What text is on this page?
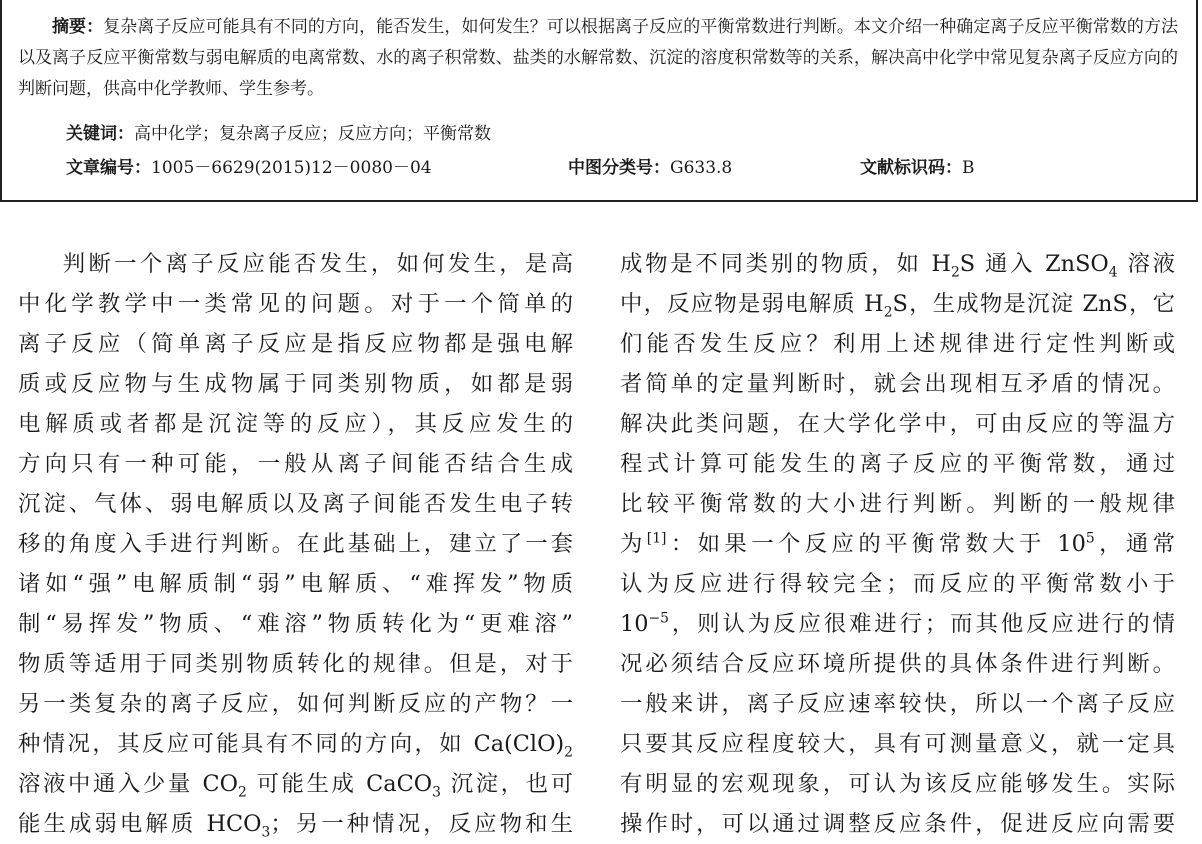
摘要：复杂离子反应可能具有不同的方向，能否发生，如何发生？可以根据离子反应的平衡常数进行判断。本文介绍一种确定离子反应平衡常数的方法以及离子反应平衡常数与弱电解质的电离常数、水的离子积常数、盐类的水解常数、沉淀的溶度积常数等的关系，解决高中化学中常见复杂离子反应方向的判断问题，供高中化学教师、学生参考。
关键词：高中化学；复杂离子反应；反应方向；平衡常数
文章编号：1005－6629(2015)12－0080－04	中图分类号：G633.8	文献标识码：B
判断一个离子反应能否发生，如何发生，是高
中化学教学中一类常见的问题。对于一个简单的
离子反应（简单离子反应是指反应物都是强电解
质或反应物与生成物属于同类别物质，如都是弱
电解质或者都是沉淀等的反应），其反应发生的
方向只有一种可能，一般从离子间能否结合生成
沉淀、气体、弱电解质以及离子间能否发生电子转
移的角度入手进行判断。在此基础上，建立了一套
诸如“强”电解质制“弱”电解质、“难挥发”物质
制“易挥发”物质、“难溶”物质转化为“更难溶”
物质等适用于同类别物质转化的规律。但是，对于
另一类复杂的离子反应，如何判断反应的产物？一
种情况，其反应可能具有不同的方向，如 $Ca(ClO)_2$
溶液中通入少量 $CO_2$ 可能生成 CaCO$_3$ 沉淀，也可
能生成弱电解质 $HCO_3$；另一种情况，反应物和生
成物是不同类别的物质，如 $H_2S$ 通入 ZnSO$_4$ 溶液
中，反应物是弱电解质 $H_2S$，生成物是沉淀 ZnS，它
们能否发生反应？利用上述规律进行定性判断或
者简单的定量判断时，就会出现相互矛盾的情况。
解决此类问题，在大学化学中，可由反应的等温方
程式计算可能发生的离子反应的平衡常数，通过
比较平衡常数的大小进行判断。判断的一般规律
为[1]：如果一个反应的平衡常数大于 $10^5$，通常
认为反应进行得较完全；而反应的平衡常数小于
$10^{-5}$，则认为反应很难进行；而其他反应进行的情
况必须结合反应环境所提供的具体条件进行判断。
一般来讲，离子反应速率较快，所以一个离子反应
只要其反应程度较大，具有可测量意义，就一定具
有明显的宏观现象，可认为该反应能够发生。实际
操作时，可以通过调整反应条件，促进反应向需要
